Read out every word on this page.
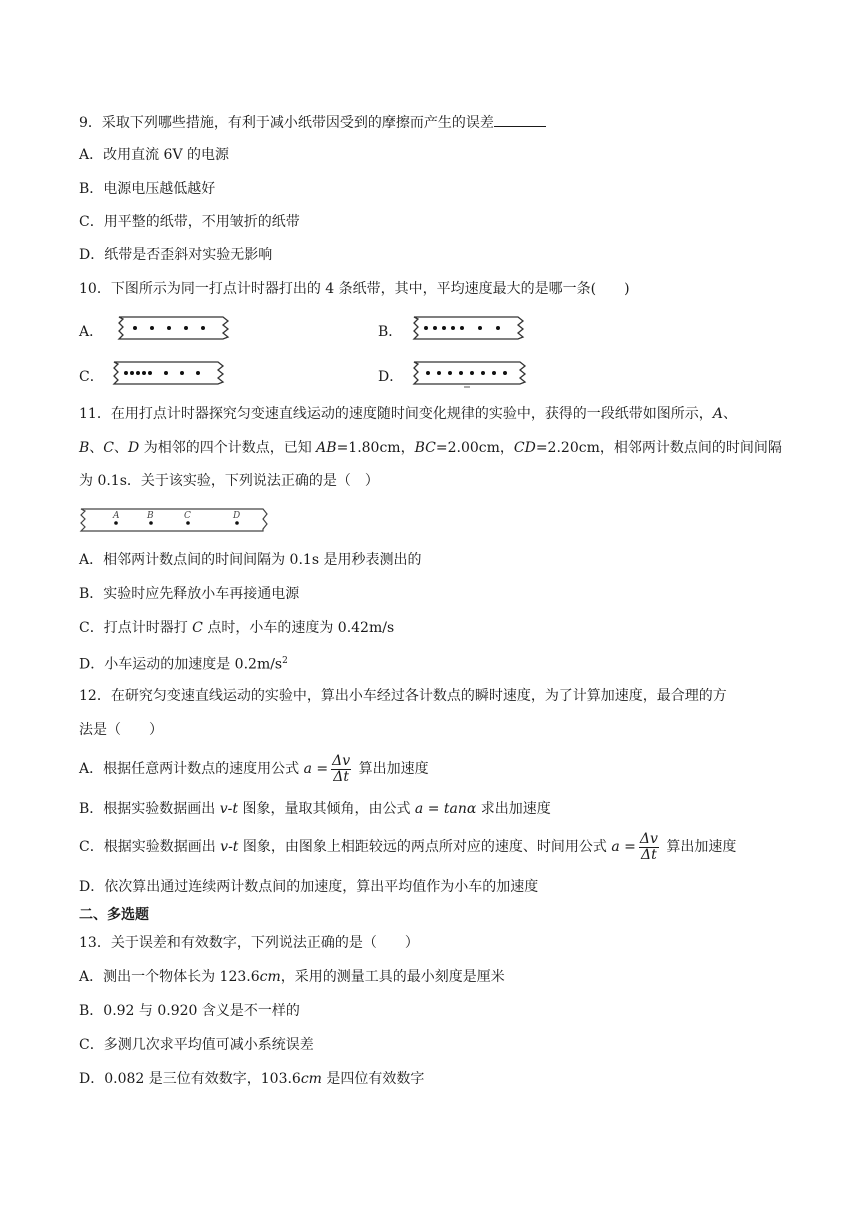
9．采取下列哪些措施，有利于减小纸带因受到的摩擦而产生的误差
A．改用直流 6V 的电源
B．电源电压越低越好
C．用平整的纸带，不用皱折的纸带
D．纸带是否歪斜对实验无影响
10．下图所示为同一打点计时器打出的 4 条纸带，其中，平均速度最大的是哪一条(　　)
A．	B．
C．	D．
11．在用打点计时器探究匀变速直线运动的速度随时间变化规律的实验中，获得的一段纸带如图所示，A、
B、C、D 为相邻的四个计数点，已知 AB=1.80cm，BC=2.00cm，CD=2.20cm，相邻两计数点间的时间间隔
为 0.1s．关于该实验，下列说法正确的是（　）
A	B	C	D
A．相邻两计数点间的时间间隔为 0.1s 是用秒表测出的
B．实验时应先释放小车再接通电源
C．打点计时器打 C 点时，小车的速度为 0.42m/s
D．小车运动的加速度是 $0.2m/s^2$
12．在研究匀变速直线运动的实验中，算出小车经过各计数点的瞬时速度，为了计算加速度，最合理的方
法是（　　）
A．根据任意两计数点的速度用公式 $a = \frac{\Delta v}{\Delta t}$ 算出加速度
B．根据实验数据画出 v-t 图象，量取其倾角，由公式 a = tanα 求出加速度
C．根据实验数据画出 v-t 图象，由图象上相距较远的两点所对应的速度、时间用公式 $a = \frac{\Delta v}{\Delta t}$ 算出加速度
D．依次算出通过连续两计数点间的加速度，算出平均值作为小车的加速度
二、多选题
13．关于误差和有效数字，下列说法正确的是（　　）
A．测出一个物体长为 123.6cm，采用的测量工具的最小刻度是厘米
B．0.92 与 0.920 含义是不一样的
C．多测几次求平均值可减小系统误差
D．0.082 是三位有效数字，103.6cm 是四位有效数字
